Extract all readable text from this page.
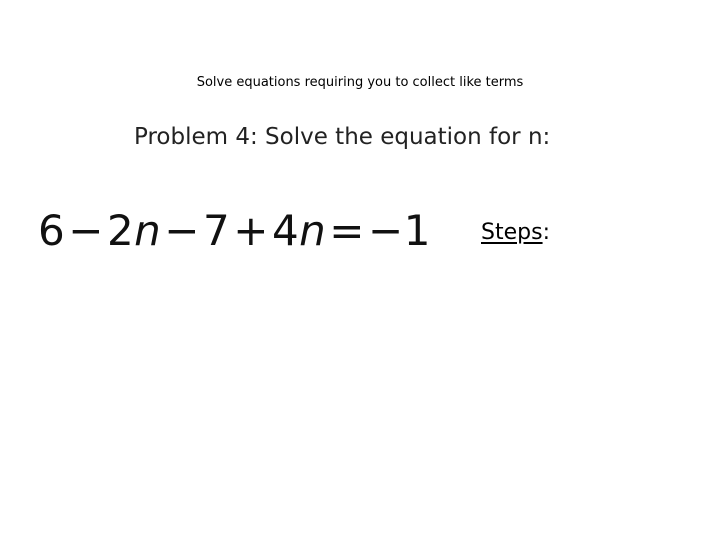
Solve equations requiring you to collect like terms
Problem 4: Solve the equation for n:
6−2n−7+4n=−1 Steps:
